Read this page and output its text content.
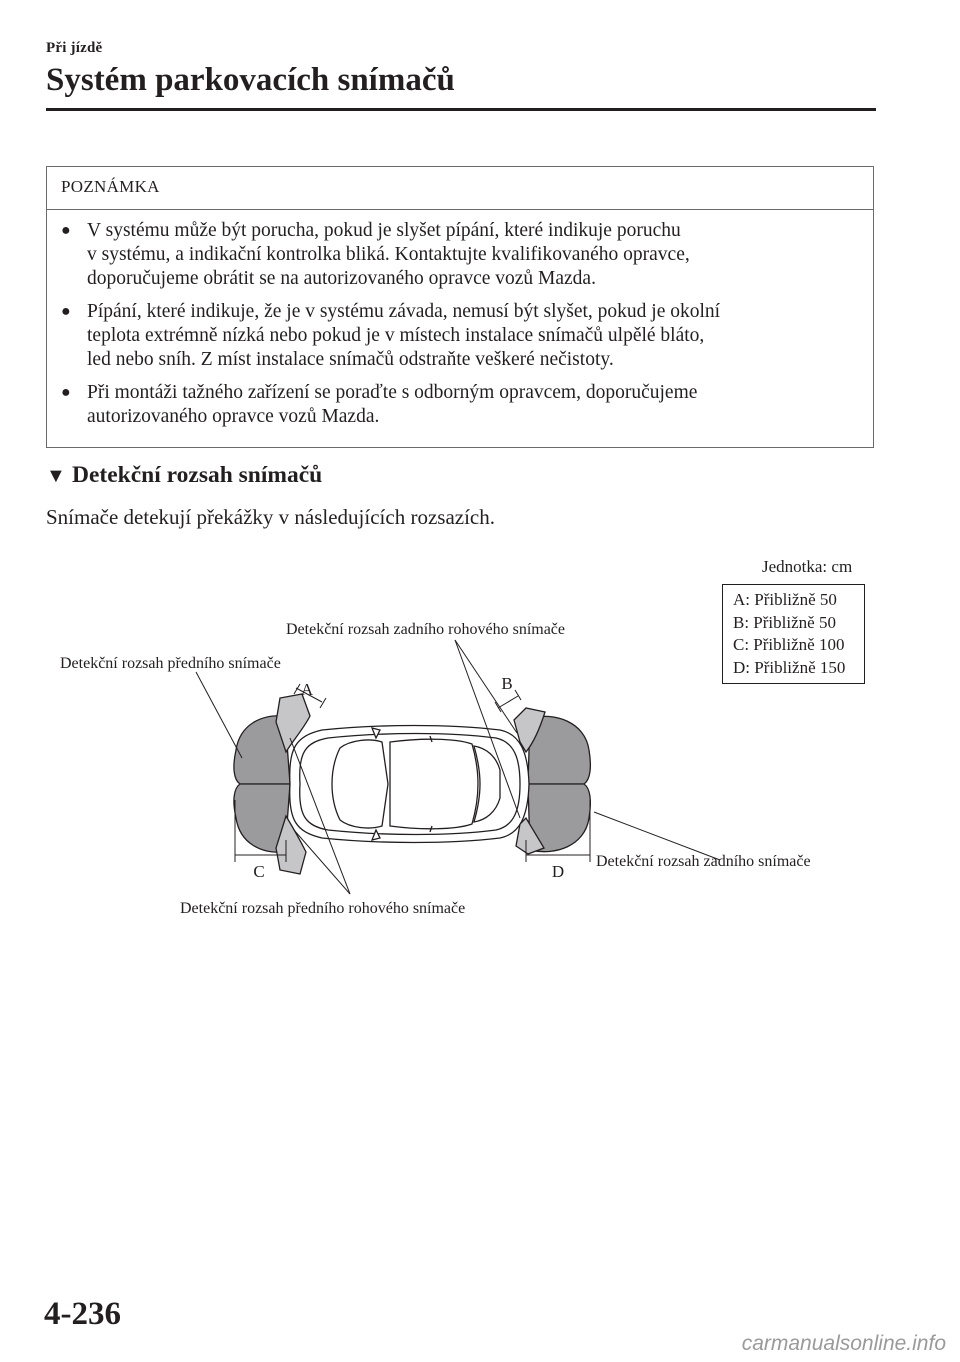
Při jízdě
Systém parkovacích snímačů
POZNÁMKA
● V systému může být porucha, pokud je slyšet pípání, které indikuje poruchu
v systému, a indikační kontrolka bliká. Kontaktujte kvalifikovaného opravce,
doporučujeme obrátit se na autorizovaného opravce vozů Mazda.
● Pípání, které indikuje, že je v systému závada, nemusí být slyšet, pokud je okolní
teplota extrémně nízká nebo pokud je v místech instalace snímačů ulpělé bláto,
led nebo sníh. Z míst instalace snímačů odstraňte veškeré nečistoty.
● Při montáži tažného zařízení se poraďte s odborným opravcem, doporučujeme
autorizovaného opravce vozů Mazda.
▼ Detekční rozsah snímačů
Snímače detekují překážky v následujících rozsazích.
Jednotka: cm
A: Přibližně 50
B: Přibližně 50
C: Přibližně 100
D: Přibližně 150
A	B
C	D
Detekční rozsah předního snímače
Detekční rozsah zadního rohového snímače
Detekční rozsah zadního snímače
Detekční rozsah předního rohového snímače
4-236
carmanualsonline.info
